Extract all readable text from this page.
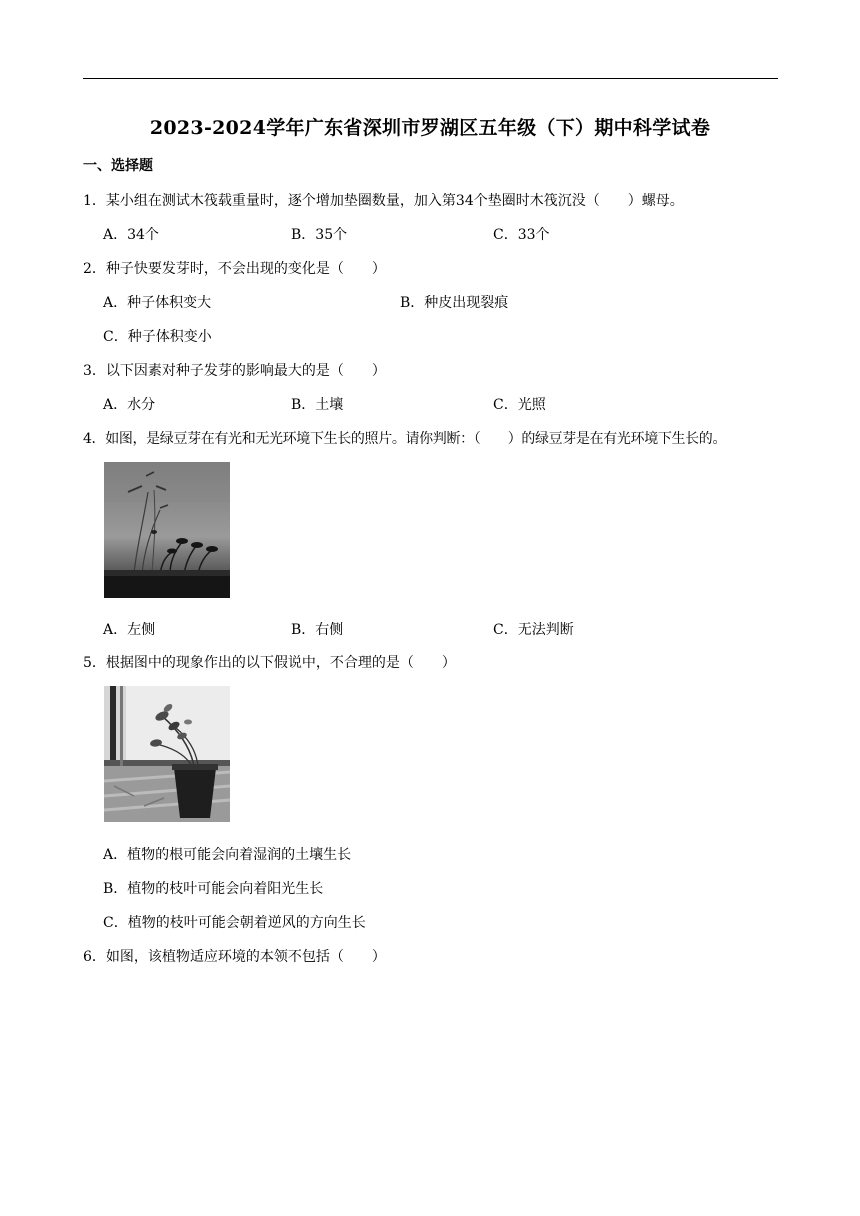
2023-2024学年广东省深圳市罗湖区五年级（下）期中科学试卷
一、选择题
1．某小组在测试木筏载重量时，逐个增加垫圈数量，加入第34个垫圈时木筏沉没（　　）螺母。
A．34个	B．35个	C．33个
2．种子快要发芽时，不会出现的变化是（　　）
A．种子体积变大	B．种皮出现裂痕
C．种子体积变小
3．以下因素对种子发芽的影响最大的是（　　）
A．水分	B．土壤	C．光照
4．如图，是绿豆芽在有光和无光环境下生长的照片。请你判断：（　　）的绿豆芽是在有光环境下生长的。
A．左侧	B．右侧	C．无法判断
5．根据图中的现象作出的以下假说中，不合理的是（　　）
A．植物的根可能会向着湿润的土壤生长
B．植物的枝叶可能会向着阳光生长
C．植物的枝叶可能会朝着逆风的方向生长
6．如图，该植物适应环境的本领不包括（　　）
